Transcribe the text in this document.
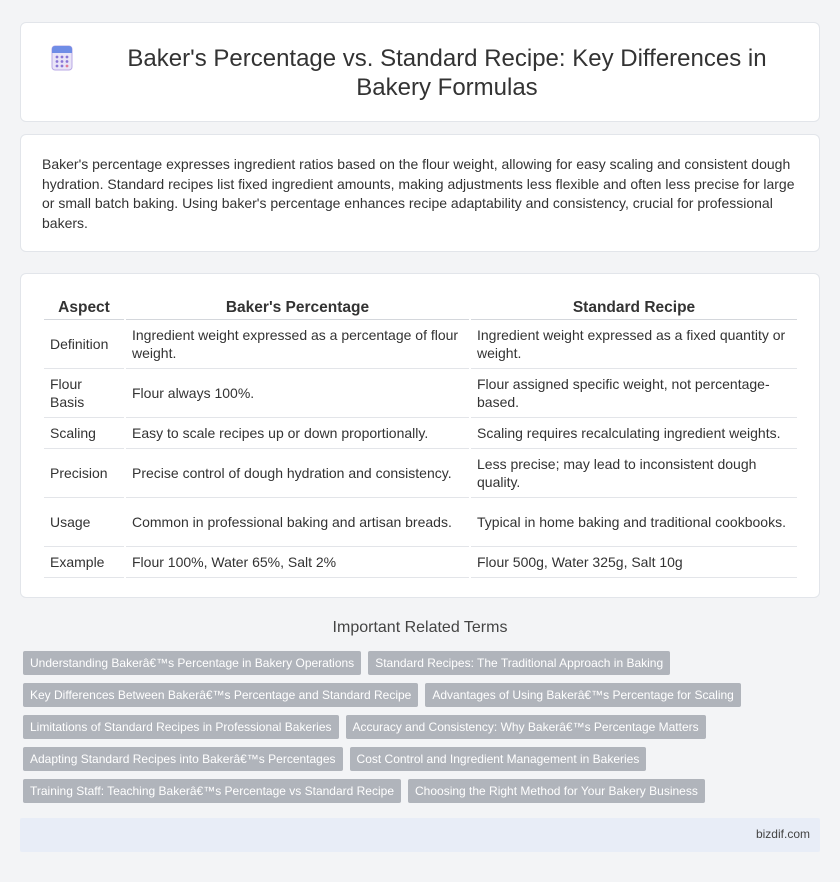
Baker's Percentage vs. Standard Recipe: Key Differences in Bakery Formulas

Baker's percentage expresses ingredient ratios based on the flour weight, allowing for easy scaling and consistent dough hydration. Standard recipes list fixed ingredient amounts, making adjustments less flexible and often less precise for large or small batch baking. Using baker's percentage enhances recipe adaptability and consistency, crucial for professional bakers.

Aspect	Baker's Percentage	Standard Recipe
Definition	Ingredient weight expressed as a percentage of flour weight.	Ingredient weight expressed as a fixed quantity or weight.
Flour Basis	Flour always 100%.	Flour assigned specific weight, not percentage-based.
Scaling	Easy to scale recipes up or down proportionally.	Scaling requires recalculating ingredient weights.
Precision	Precise control of dough hydration and consistency.	Less precise; may lead to inconsistent dough quality.
Usage	Common in professional baking and artisan breads.	Typical in home baking and traditional cookbooks.
Example	Flour 100%, Water 65%, Salt 2%	Flour 500g, Water 325g, Salt 10g
Important Related Terms
Understanding Bakerâ€™s Percentage in Bakery Operations	Standard Recipes: The Traditional Approach in Baking
Key Differences Between Bakerâ€™s Percentage and Standard Recipe	Advantages of Using Bakerâ€™s Percentage for Scaling
Limitations of Standard Recipes in Professional Bakeries	Accuracy and Consistency: Why Bakerâ€™s Percentage Matters
Adapting Standard Recipes into Bakerâ€™s Percentages	Cost Control and Ingredient Management in Bakeries
Training Staff: Teaching Bakerâ€™s Percentage vs Standard Recipe	Choosing the Right Method for Your Bakery Business
bizdif.com
